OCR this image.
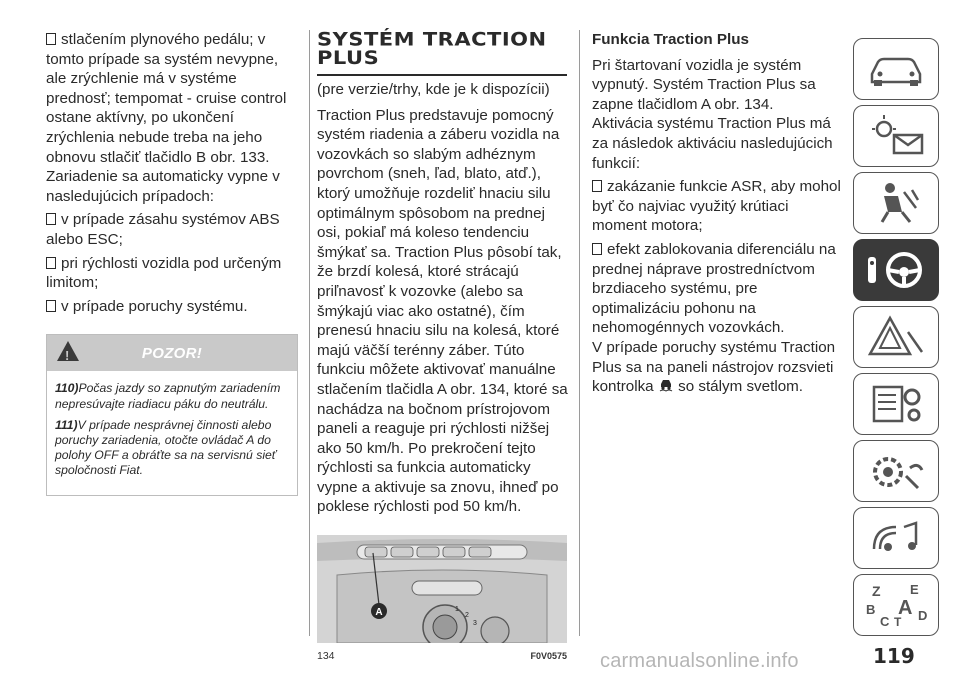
stlačením plynového pedálu; v tomto prípade sa systém nevypne, ale zrýchlenie má v systéme prednosť; tempomat - cruise control ostane aktívny, po ukončení zrýchlenia nebude treba na jeho obnovu stlačiť tlačidlo B obr. 133.

Zariadenie sa automaticky vypne v nasledujúcich prípadoch:

v prípade zásahu systémov ABS alebo ESC;

pri rýchlosti vozidla pod určeným limitom;

v prípade poruchy systému.

!
POZOR!

110)Počas jazdy so zapnutým zariadením nepresúvajte riadiacu páku do neutrálu.

111)V prípade nesprávnej činnosti alebo poruchy zariadenia, otočte ovládač A do polohy OFF a obráťte sa na servisnú sieť spoločnosti Fiat.

SYSTÉM TRACTION
PLUS

(pre verzie/trhy, kde je k dispozícii)

Traction Plus predstavuje pomocný systém riadenia a záberu vozidla na vozovkách so slabým adhéznym povrchom (sneh, ľad, blato, atď.), ktorý umožňuje rozdeliť hnaciu silu optimálnym spôsobom na prednej osi, pokiaľ má koleso tendenciu šmýkať sa. Traction Plus pôsobí tak, že brzdí kolesá, ktoré strácajú priľnavosť k vozovke (alebo sa šmýkajú viac ako ostatné), čím prenesú hnaciu silu na kolesá, ktoré majú väčší terénny záber. Túto funkciu môžete aktivovať manuálne stlačením tlačidla A obr. 134, ktoré sa nachádza na bočnom prístrojovom paneli a reaguje pri rýchlosti nižšej ako 50 km/h. Po prekročení tejto rýchlosti sa funkcia automaticky vypne a aktivuje sa znovu, ihneď po poklese rýchlosti pod 50 km/h.

A	1
2
3
134	F0V0575

Funkcia Traction Plus

Pri štartovaní vozidla je systém vypnutý. Systém Traction Plus sa zapne tlačidlom A obr. 134.

Aktivácia systému Traction Plus má za následok aktiváciu nasledujúcich funkcií:

zakázanie funkcie ASR, aby mohol byť čo najviac využitý krútiaci moment motora;

efekt zablokovania diferenciálu na prednej náprave prostredníctvom brzdiaceho systému, pre optimalizáciu pohonu na nehomogénnych vozovkách.

V prípade poruchy systému Traction Plus sa na paneli nástrojov rozsvieti kontrolka so stálym svetlom.

Z E
B A
C T D
119
carmanualsonline.info
